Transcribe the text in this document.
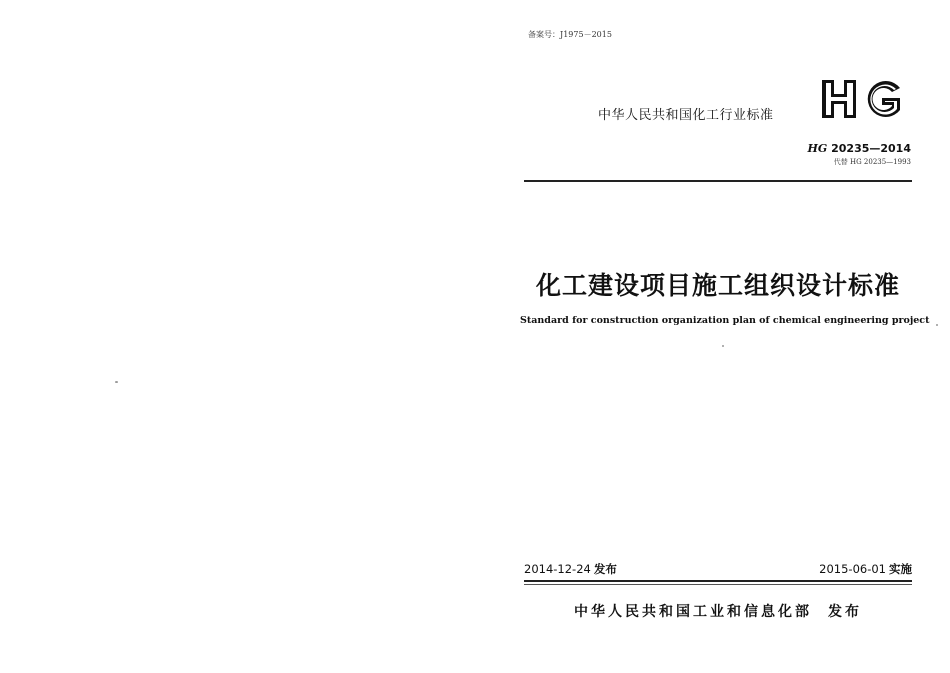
备案号：J1975－2015
中华人民共和国化工行业标准
HG 20235—2014
代替 HG 20235—1993
化工建设项目施工组织设计标准
Standard for construction organization plan of chemical engineering project
2014-12-24 发布	2015-06-01 实施
中华人民共和国工业和信息化部 发布
